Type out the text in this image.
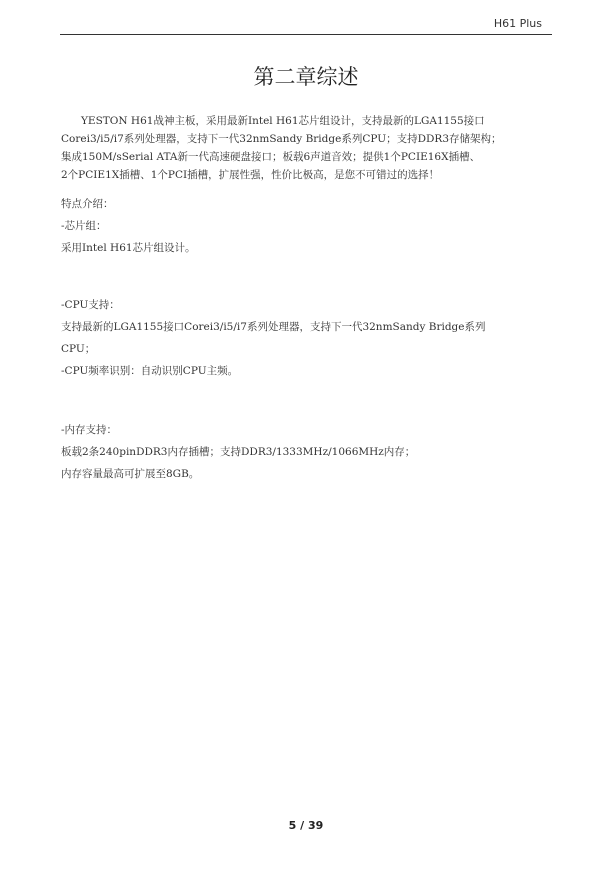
H61 Plus
第二章综述
YESTON H61战神主板，采用最新Intel H61芯片组设计，支持最新的LGA1155接口
Corei3/i5/i7系列处理器，支持下一代32nmSandy Bridge系列CPU；支持DDR3存储架构；
集成150M/sSerial ATA新一代高速硬盘接口；板载6声道音效；提供1个PCIE16X插槽、
2个PCIE1X插槽、1个PCI插槽，扩展性强，性价比极高，是您不可错过的选择！
特点介绍：
-芯片组：
采用Intel H61芯片组设计。
-CPU支持：
支持最新的LGA1155接口Corei3/i5/i7系列处理器，支持下一代32nmSandy Bridge系列
CPU；
-CPU频率识别：自动识别CPU主频。
-内存支持：
板载2条240pinDDR3内存插槽；支持DDR3/1333MHz/1066MHz内存；
内存容量最高可扩展至8GB。
5 / 39
